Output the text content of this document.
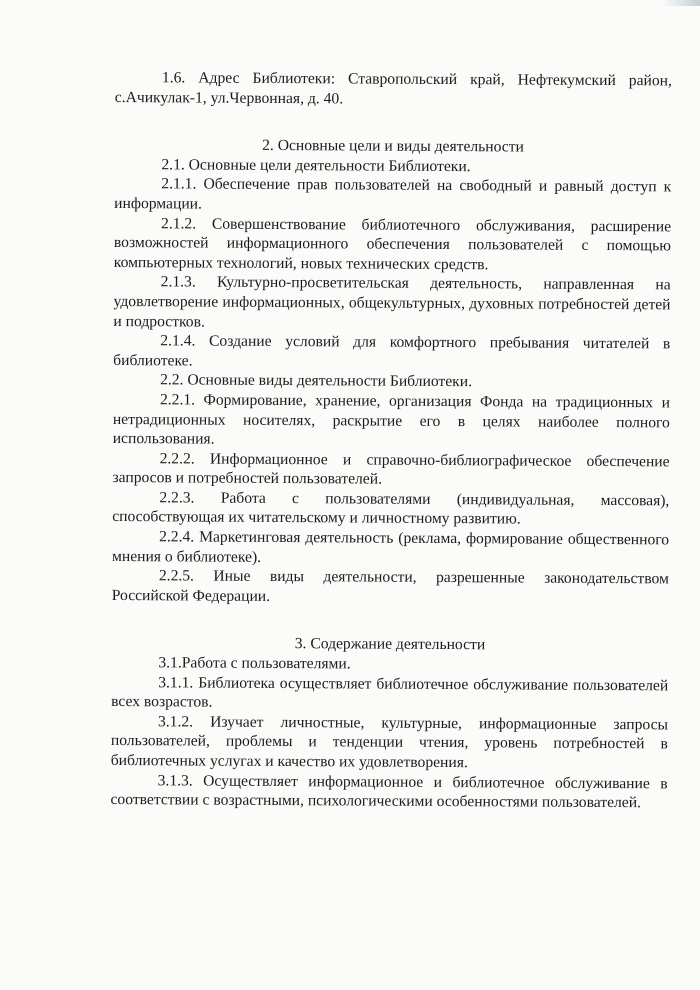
1.6. Адрес Библиотеки: Ставропольский край, Нефтекумский район, с.Ачикулак-1, ул.Червонная, д. 40.

2. Основные цели и виды деятельности

2.1. Основные цели деятельности Библиотеки.

2.1.1. Обеспечение прав пользователей на свободный и равный доступ к информации.

2.1.2. Совершенствование библиотечного обслуживания, расширение возможностей информационного обеспечения пользователей с помощью компьютерных технологий, новых технических средств.

2.1.3. Культурно-просветительская деятельность, направленная на удовлетворение информационных, общекультурных, духовных потребностей детей и подростков.

2.1.4. Создание условий для комфортного пребывания читателей в библиотеке.

2.2. Основные виды деятельности Библиотеки.

2.2.1. Формирование, хранение, организация Фонда на традиционных и нетрадиционных носителях, раскрытие его в целях наиболее полного использования.

2.2.2. Информационное и справочно-библиографическое обеспечение запросов и потребностей пользователей.

2.2.3. Работа с пользователями (индивидуальная, массовая), способствующая их читательскому и личностному развитию.

2.2.4. Маркетинговая деятельность (реклама, формирование общественного мнения о библиотеке).

2.2.5. Иные виды деятельности, разрешенные законодательством Российской Федерации.

3. Содержание деятельности

3.1.Работа с пользователями.

3.1.1. Библиотека осуществляет библиотечное обслуживание пользователей всех возрастов.

3.1.2. Изучает личностные, культурные, информационные запросы пользователей, проблемы и тенденции чтения, уровень потребностей в библиотечных услугах и качество их удовлетворения.

3.1.3. Осуществляет информационное и библиотечное обслуживание в соответствии с возрастными, психологическими особенностями пользователей.
